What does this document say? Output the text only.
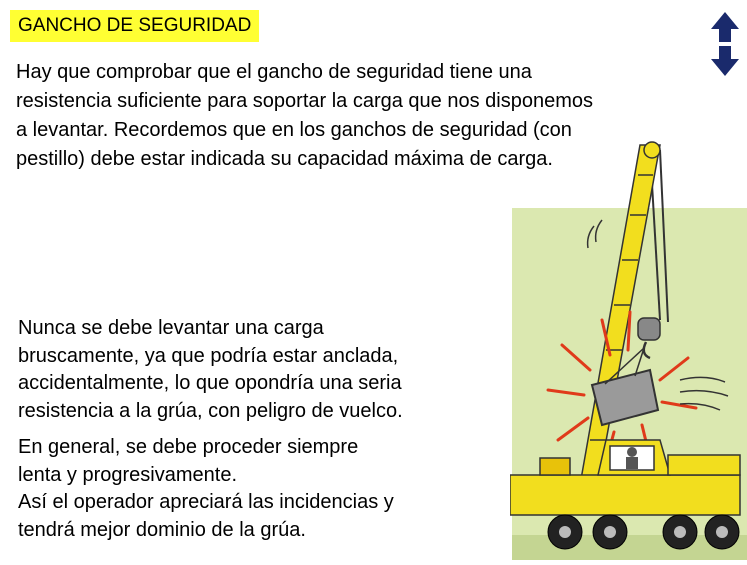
GANCHO DE SEGURIDAD
Hay que comprobar que el gancho de seguridad tiene una
resistencia suficiente para soportar la carga que nos disponemos
a levantar. Recordemos que en los ganchos de seguridad (con
pestillo) debe estar indicada su capacidad máxima de carga.
Nunca se debe levantar una carga
bruscamente, ya que podría estar anclada,
accidentalmente, lo que opondría una seria
resistencia a la grúa, con peligro de vuelco.
En general, se debe proceder siempre
lenta y progresivamente.
Así el operador apreciará las incidencias y
tendrá mejor dominio de la grúa.
